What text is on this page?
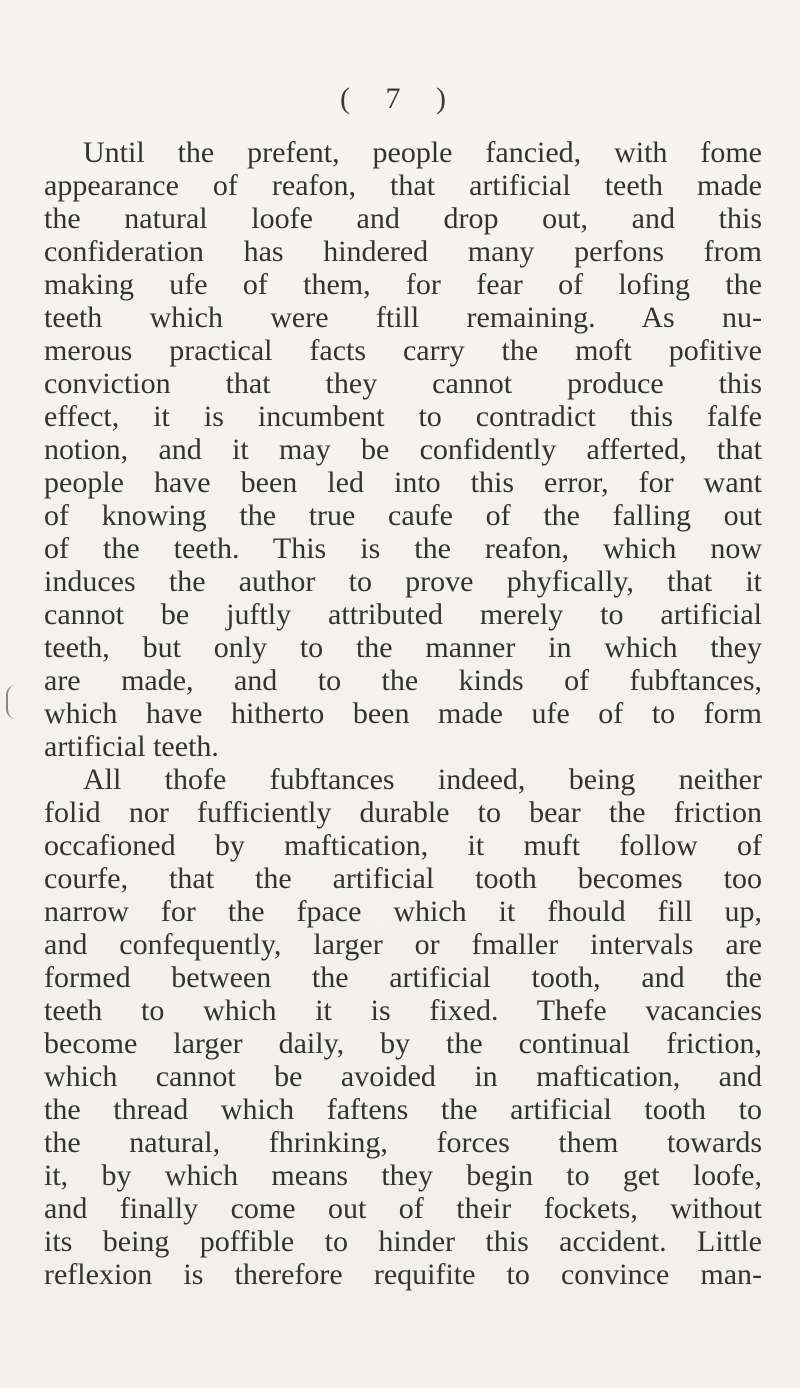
( 7 )
Until the prefent, people fancied, with fome
appearance of reafon, that artificial teeth made
the natural loofe and drop out, and this
confideration has hindered many perfons from
making ufe of them, for fear of lofing the
teeth which were ftill remaining. As nu-
merous practical facts carry the moft pofitive
conviction that they cannot produce this
effect, it is incumbent to contradict this falfe
notion, and it may be confidently afferted, that
people have been led into this error, for want
of knowing the true caufe of the falling out
of the teeth. This is the reafon, which now
induces the author to prove phyfically, that it
cannot be juftly attributed merely to artificial
teeth, but only to the manner in which they
are made, and to the kinds of fubftances,
which have hitherto been made ufe of to form
artificial teeth.
All thofe fubftances indeed, being neither
folid nor fufficiently durable to bear the friction
occafioned by maftication, it muft follow of
courfe, that the artificial tooth becomes too
narrow for the fpace which it fhould fill up,
and confequently, larger or fmaller intervals are
formed between the artificial tooth, and the
teeth to which it is fixed. Thefe vacancies
become larger daily, by the continual friction,
which cannot be avoided in maftication, and
the thread which faftens the artificial tooth to
the natural, fhrinking, forces them towards
it, by which means they begin to get loofe,
and finally come out of their fockets, without
its being poffible to hinder this accident. Little
reflexion is therefore requifite to convince man-
